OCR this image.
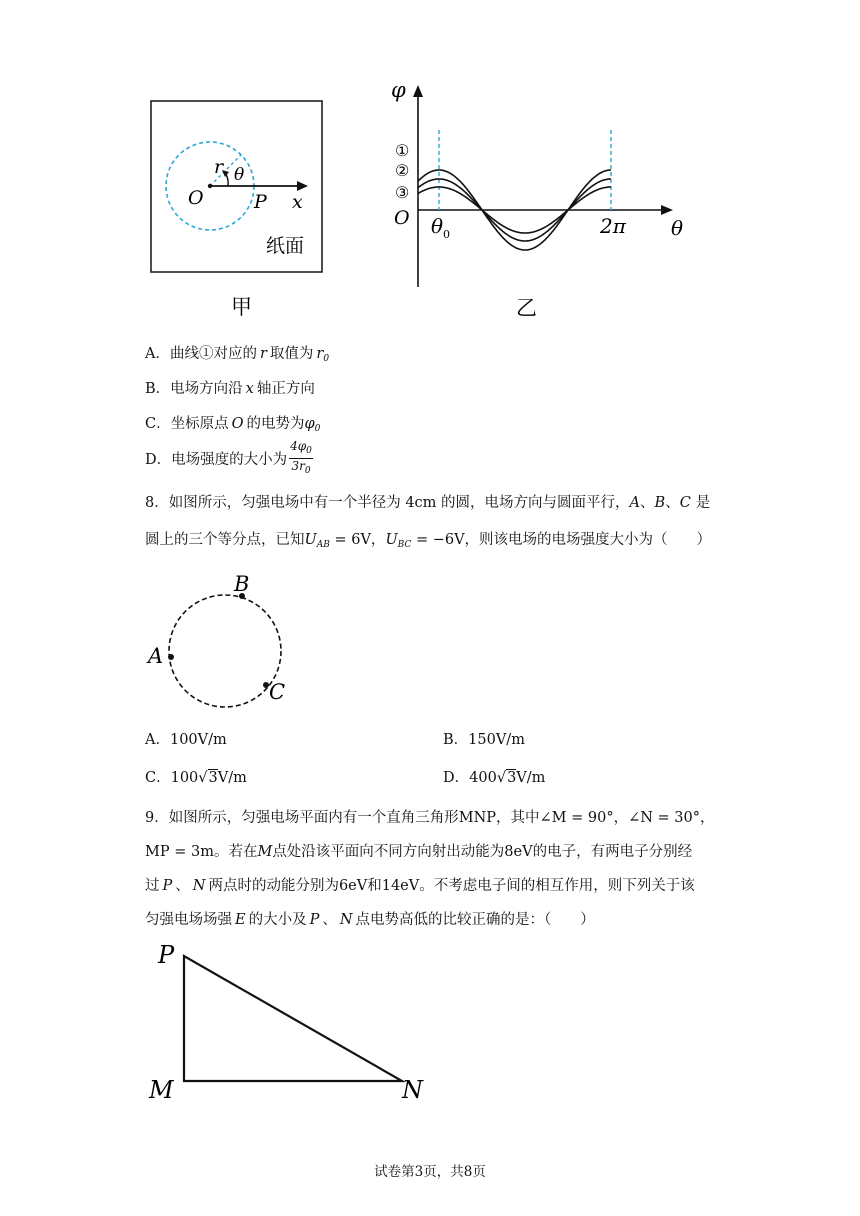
r θ
O	P x
纸面
甲
φ
①
②
③
O $\theta_0$	2π θ
乙
A．曲线①对应的 r 取值为 $r_0$
B．电场方向沿 x 轴正方向
C．坐标原点 O 的电势为$\varphi_0$
D．电场强度的大小为 $\frac{4\varphi_0}{3r_0}$
8．如图所示，匀强电场中有一个半径为 4cm 的圆，电场方向与圆面平行，A、B、C 是
圆上的三个等分点，已知$U_{AB} = 6V$，$U_{BC} = -6V$，则该电场的电场强度大小为（　　）
A
B
C
A．100V/m	B．150V/m
C．100√3V/m	D．400√3V/m
9．如图所示，匀强电场平面内有一个直角三角形MNP，其中∠M = 90°，∠N = 30°，
MP = 3m。若在M点处沿该平面向不同方向射出动能为8eV的电子，有两电子分别经
过 P 、 N 两点时的动能分别为6eV和14eV。不考虑电子间的相互作用，则下列关于该
匀强电场场强 E 的大小及 P 、 N 点电势高低的比较正确的是：（　　）
P
M	N
试卷第3页，共8页
